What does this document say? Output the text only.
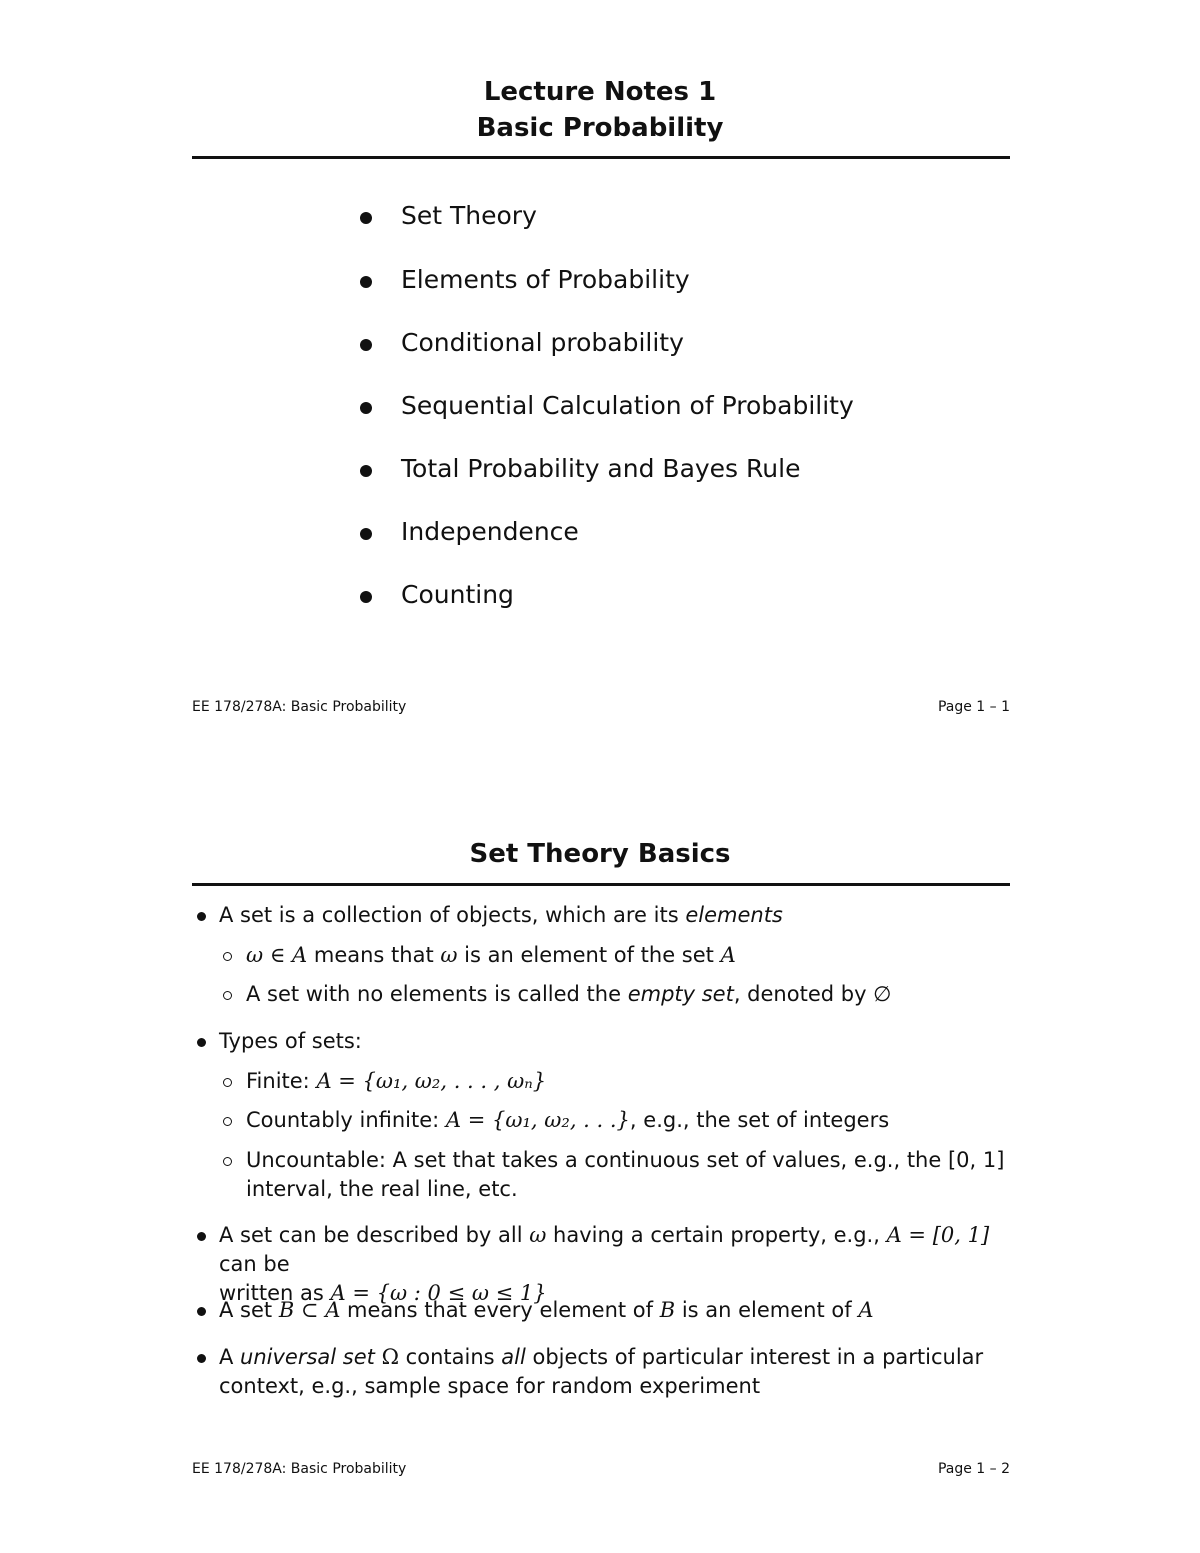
Lecture Notes 1
Basic Probability
Set Theory
Elements of Probability
Conditional probability
Sequential Calculation of Probability
Total Probability and Bayes Rule
Independence
Counting
EE 178/278A: Basic Probability	Page 1 – 1
Set Theory Basics
A set is a collection of objects, which are its elements
ω ∈ A means that ω is an element of the set A
A set with no elements is called the empty set, denoted by ∅
Types of sets:
Finite: A = {ω₁, ω₂, . . . , ωₙ}
Countably infinite: A = {ω₁, ω₂, . . .}, e.g., the set of integers
Uncountable: A set that takes a continuous set of values, e.g., the [0, 1]
interval, the real line, etc.
A set can be described by all ω having a certain property, e.g., A = [0, 1] can be
written as A = {ω : 0 ≤ ω ≤ 1}
A set B ⊂ A means that every element of B is an element of A
A universal set Ω contains all objects of particular interest in a particular
context, e.g., sample space for random experiment
EE 178/278A: Basic Probability	Page 1 – 2
